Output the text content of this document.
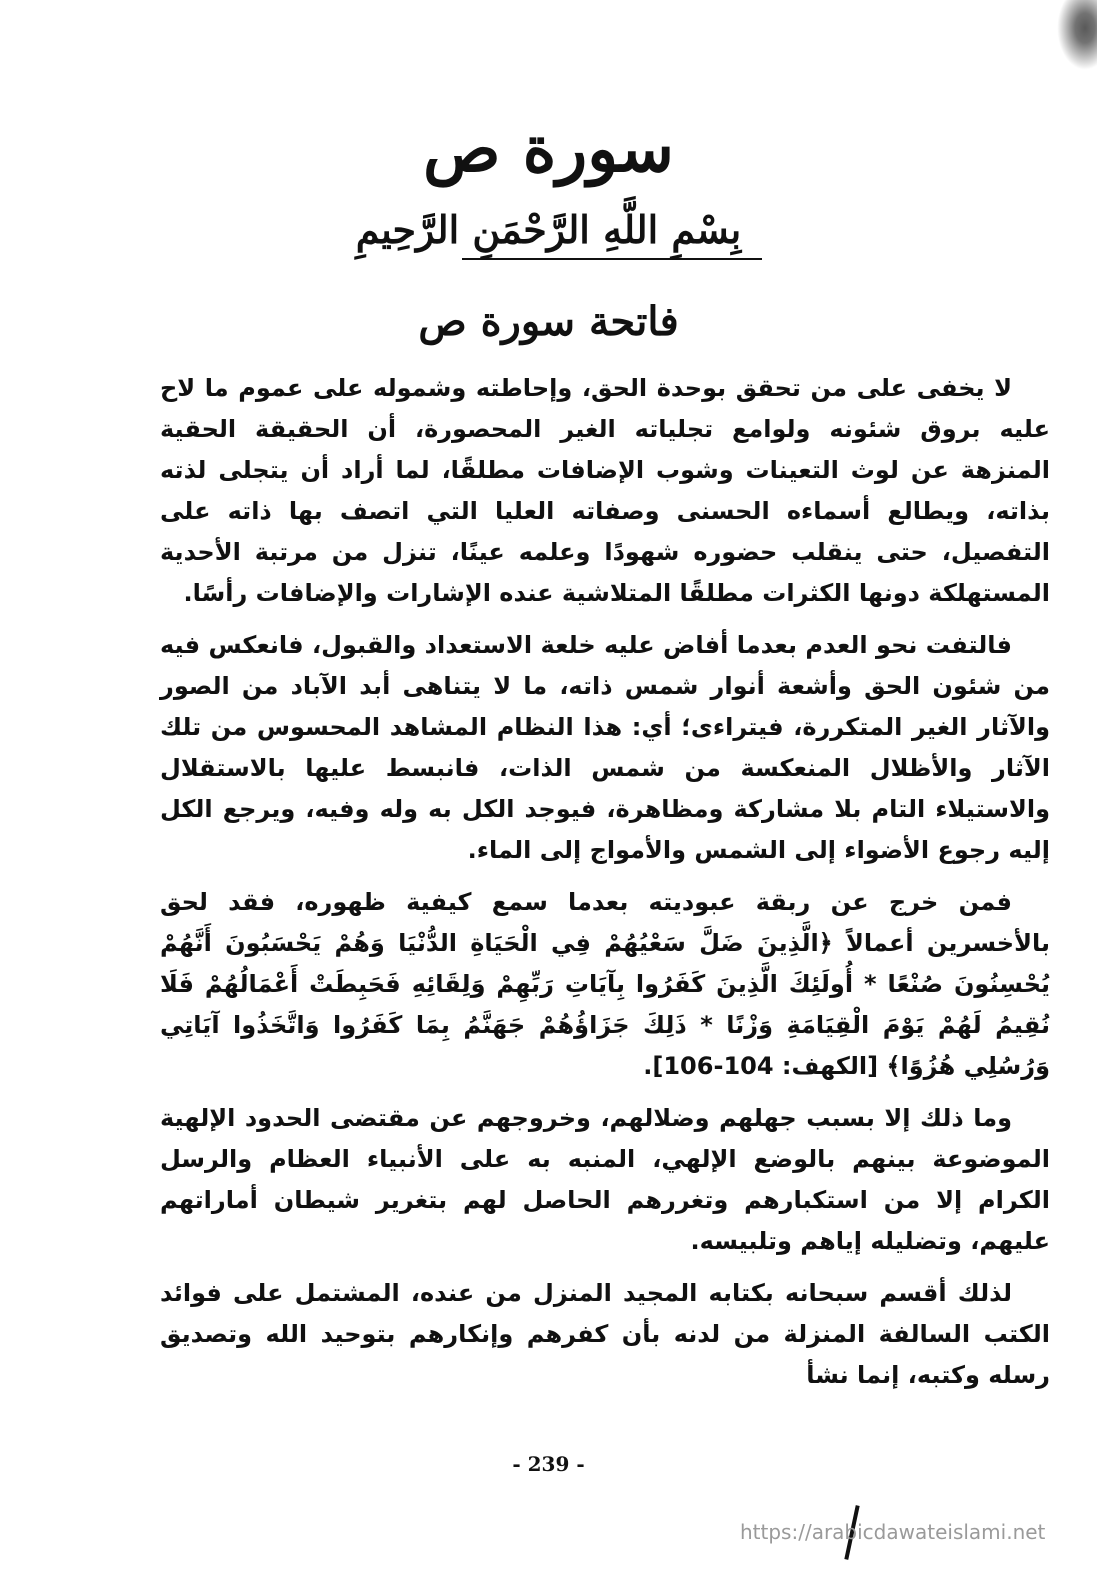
سورة ص
بِسْمِ اللَّهِ الرَّحْمَنِ الرَّحِيمِ
فاتحة سورة ص

لا يخفى على من تحقق بوحدة الحق، وإحاطته وشموله على عموم ما لاح عليه بروق شئونه ولوامع تجلياته الغير المحصورة، أن الحقيقة الحقية المنزهة عن لوث التعينات وشوب الإضافات مطلقًا، لما أراد أن يتجلى لذته بذاته، ويطالع أسماءه الحسنى وصفاته العليا التي اتصف بها ذاته على التفصيل، حتى ينقلب حضوره شهودًا وعلمه عينًا، تنزل من مرتبة الأحدية المستهلكة دونها الكثرات مطلقًا المتلاشية عنده الإشارات والإضافات رأسًا.

فالتفت نحو العدم بعدما أفاض عليه خلعة الاستعداد والقبول، فانعكس فيه من شئون الحق وأشعة أنوار شمس ذاته، ما لا يتناهى أبد الآباد من الصور والآثار الغير المتكررة، فيتراءى؛ أي: هذا النظام المشاهد المحسوس من تلك الآثار والأظلال المنعكسة من شمس الذات، فانبسط عليها بالاستقلال والاستيلاء التام بلا مشاركة ومظاهرة، فيوجد الكل به وله وفيه، ويرجع الكل إليه رجوع الأضواء إلى الشمس والأمواج إلى الماء.

فمن خرج عن ربقة عبوديته بعدما سمع كيفية ظهوره، فقد لحق بالأخسرين أعمالاً ﴿الَّذِينَ ضَلَّ سَعْيُهُمْ فِي الْحَيَاةِ الدُّنْيَا وَهُمْ يَحْسَبُونَ أَنَّهُمْ يُحْسِنُونَ صُنْعًا * أُولَئِكَ الَّذِينَ كَفَرُوا بِآيَاتِ رَبِّهِمْ وَلِقَائِهِ فَحَبِطَتْ أَعْمَالُهُمْ فَلَا نُقِيمُ لَهُمْ يَوْمَ الْقِيَامَةِ وَزْنًا * ذَلِكَ جَزَاؤُهُمْ جَهَنَّمُ بِمَا كَفَرُوا وَاتَّخَذُوا آيَاتِي وَرُسُلِي هُزُوًا﴾ [الكهف: 104-106].

وما ذلك إلا بسبب جهلهم وضلالهم، وخروجهم عن مقتضى الحدود الإلهية الموضوعة بينهم بالوضع الإلهي، المنبه به على الأنبياء العظام والرسل الكرام إلا من استكبارهم وتغررهم الحاصل لهم بتغرير شيطان أماراتهم عليهم، وتضليله إياهم وتلبيسه.

لذلك أقسم سبحانه بكتابه المجيد المنزل من عنده، المشتمل على فوائد الكتب السالفة المنزلة من لدنه بأن كفرهم وإنكارهم بتوحيد الله وتصديق رسله وكتبه، إنما نشأ

- 239 -
https://arabicdawateislami.net
